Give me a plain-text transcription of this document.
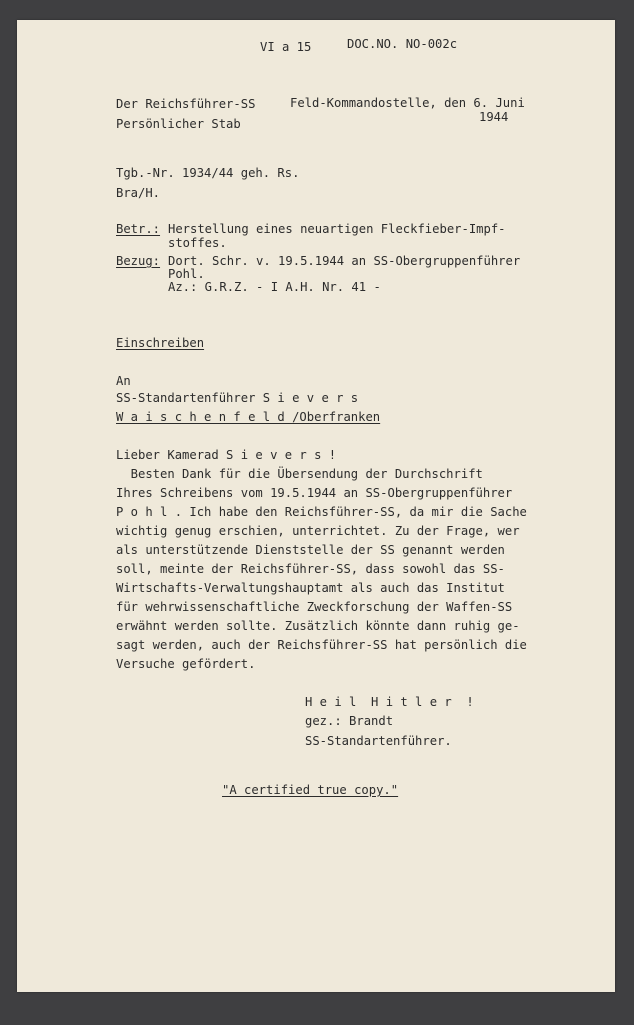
VI a 15	DOC.NO. NO-002c

Der Reichsführer-SS	Feld-Kommandostelle, den 6. Juni

1944

Persönlicher Stab

Tgb.-Nr. 1934/44 geh. Rs.

Bra/H.

Betr.: Herstellung eines neuartigen Fleckfieber-Impf-

stoffes.

Bezug: Dort. Schr. v. 19.5.1944 an SS-Obergruppenführer

Pohl.

Az.: G.R.Z. - I A.H. Nr. 41 -

Einschreiben

An

SS-Standartenführer S i e v e r s

W a i s c h e n f e l d /Oberfranken

Lieber Kamerad S i e v e r s !

Besten Dank für die Übersendung der Durchschrift

Ihres Schreibens vom 19.5.1944 an SS-Obergruppenführer

P o h l . Ich habe den Reichsführer-SS, da mir die Sache

wichtig genug erschien, unterrichtet. Zu der Frage, wer

als unterstützende Dienststelle der SS genannt werden

soll, meinte der Reichsführer-SS, dass sowohl das SS-

Wirtschafts-Verwaltungshauptamt als auch das Institut

für wehrwissenschaftliche Zweckforschung der Waffen-SS

erwähnt werden sollte. Zusätzlich könnte dann ruhig ge-

sagt werden, auch der Reichsführer-SS hat persönlich die

Versuche gefördert.

H e i l  H i t l e r  !

gez.: Brandt

SS-Standartenführer.

"A certified true copy."
